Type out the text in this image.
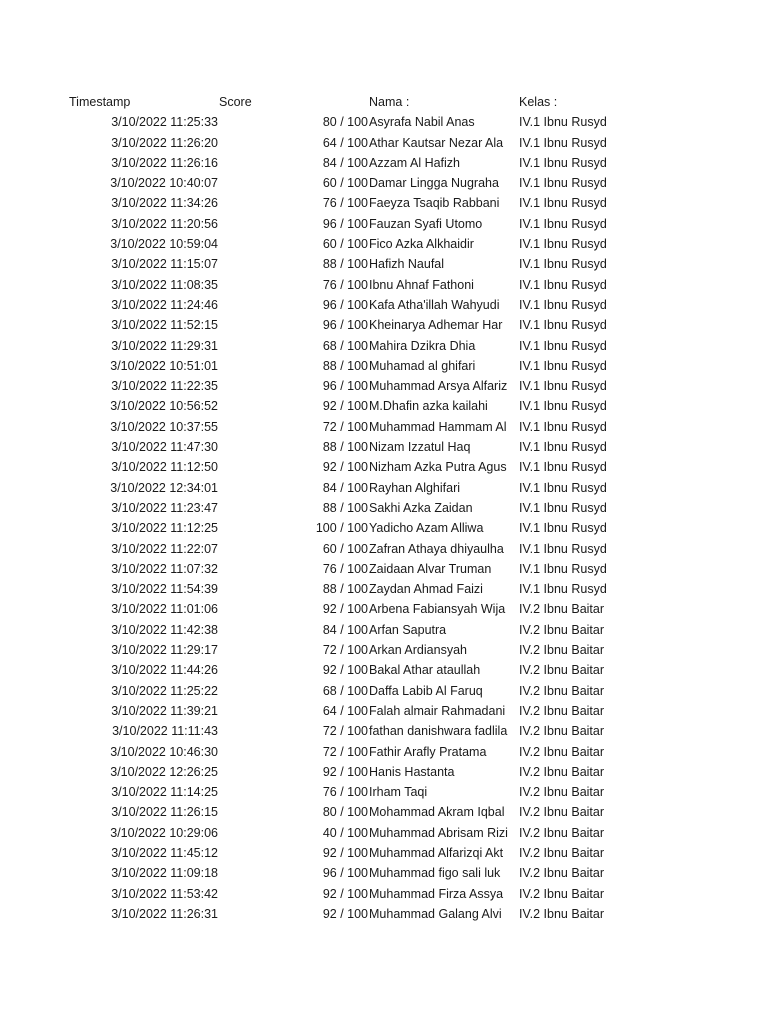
Timestamp	Score	Nama :	Kelas :
3/10/2022 11:25:33	80 / 100 Asyrafa Nabil Anas	IV.1 Ibnu Rusyd
3/10/2022 11:26:20	64 / 100 Athar Kautsar Nezar Ala	IV.1 Ibnu Rusyd
3/10/2022 11:26:16	84 / 100 Azzam Al Hafizh	IV.1 Ibnu Rusyd
3/10/2022 10:40:07	60 / 100 Damar Lingga Nugraha	IV.1 Ibnu Rusyd
3/10/2022 11:34:26	76 / 100 Faeyza Tsaqib Rabbani	IV.1 Ibnu Rusyd
3/10/2022 11:20:56	96 / 100 Fauzan Syafi Utomo	IV.1 Ibnu Rusyd
3/10/2022 10:59:04	60 / 100 Fico Azka Alkhaidir	IV.1 Ibnu Rusyd
3/10/2022 11:15:07	88 / 100 Hafizh Naufal	IV.1 Ibnu Rusyd
3/10/2022 11:08:35	76 / 100 Ibnu Ahnaf Fathoni	IV.1 Ibnu Rusyd
3/10/2022 11:24:46	96 / 100 Kafa Atha'illah Wahyudi	IV.1 Ibnu Rusyd
3/10/2022 11:52:15	96 / 100 Kheinarya Adhemar Har	IV.1 Ibnu Rusyd
3/10/2022 11:29:31	68 / 100 Mahira Dzikra Dhia	IV.1 Ibnu Rusyd
3/10/2022 10:51:01	88 / 100 Muhamad al ghifari	IV.1 Ibnu Rusyd
3/10/2022 11:22:35	96 / 100 Muhammad Arsya Alfariz IV.1 Ibnu Rusyd
3/10/2022 10:56:52	92 / 100 M.Dhafin azka kailahi	IV.1 Ibnu Rusyd
3/10/2022 10:37:55	72 / 100 Muhammad Hammam Al IV.1 Ibnu Rusyd
3/10/2022 11:47:30	88 / 100 Nizam Izzatul Haq	IV.1 Ibnu Rusyd
3/10/2022 11:12:50	92 / 100 Nizham Azka Putra Agus IV.1 Ibnu Rusyd
3/10/2022 12:34:01	84 / 100 Rayhan Alghifari	IV.1 Ibnu Rusyd
3/10/2022 11:23:47	88 / 100 Sakhi Azka Zaidan	IV.1 Ibnu Rusyd
3/10/2022 11:12:25	100 / 100 Yadicho Azam Alliwa	IV.1 Ibnu Rusyd
3/10/2022 11:22:07	60 / 100 Zafran Athaya dhiyaulha	IV.1 Ibnu Rusyd
3/10/2022 11:07:32	76 / 100 Zaidaan Alvar Truman	IV.1 Ibnu Rusyd
3/10/2022 11:54:39	88 / 100 Zaydan Ahmad Faizi	IV.1 Ibnu Rusyd
3/10/2022 11:01:06	92 / 100 Arbena Fabiansyah Wija	IV.2 Ibnu Baitar
3/10/2022 11:42:38	84 / 100 Arfan Saputra	IV.2 Ibnu Baitar
3/10/2022 11:29:17	72 / 100 Arkan Ardiansyah	IV.2 Ibnu Baitar
3/10/2022 11:44:26	92 / 100 Bakal Athar ataullah	IV.2 Ibnu Baitar
3/10/2022 11:25:22	68 / 100 Daffa Labib Al Faruq	IV.2 Ibnu Baitar
3/10/2022 11:39:21	64 / 100 Falah almair Rahmadani	IV.2 Ibnu Baitar
3/10/2022 11:11:43	72 / 100 fathan danishwara fadlila IV.2 Ibnu Baitar
3/10/2022 10:46:30	72 / 100 Fathir Arafly Pratama	IV.2 Ibnu Baitar
3/10/2022 12:26:25	92 / 100 Hanis Hastanta	IV.2 Ibnu Baitar
3/10/2022 11:14:25	76 / 100 Irham Taqi	IV.2 Ibnu Baitar
3/10/2022 11:26:15	80 / 100 Mohammad Akram Iqbal	IV.2 Ibnu Baitar
3/10/2022 10:29:06	40 / 100 Muhammad Abrisam Rizi IV.2 Ibnu Baitar
3/10/2022 11:45:12	92 / 100 Muhammad Alfarizqi Akt	IV.2 Ibnu Baitar
3/10/2022 11:09:18	96 / 100 Muhammad figo sali luk	IV.2 Ibnu Baitar
3/10/2022 11:53:42	92 / 100 Muhammad Firza Assya	IV.2 Ibnu Baitar
3/10/2022 11:26:31	92 / 100 Muhammad Galang Alvi	IV.2 Ibnu Baitar
